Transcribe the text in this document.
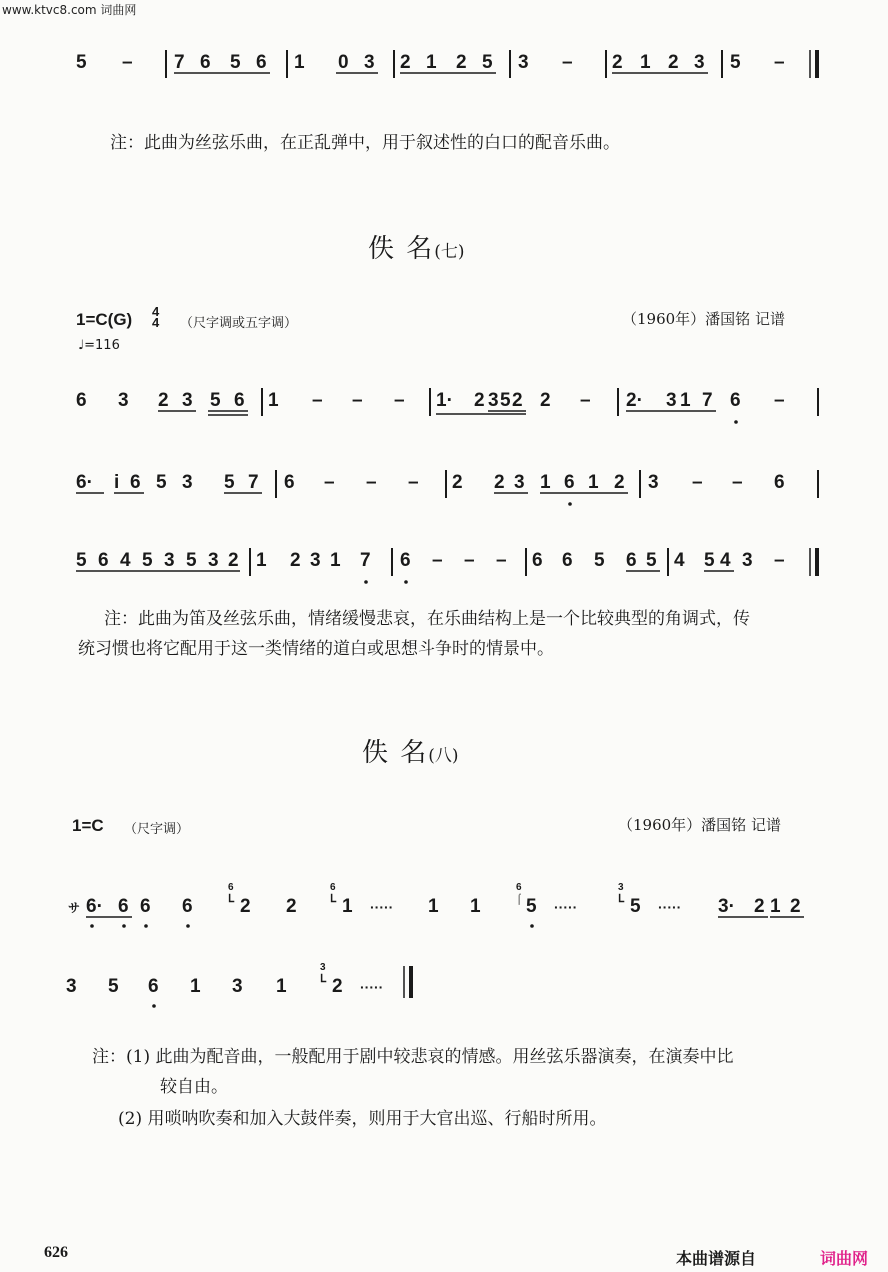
www.ktvc8.com 词曲网
5 – 7 6 5 6 1 0 3 2 1 2 5 3 – 2 1 2 3 5 –
注：此曲为丝弦乐曲，在正乱弹中，用于叙述性的白口的配音乐曲。
佚 名(七)
1=C(G) 4
4 （尺字调或五字调）	（1960年）潘国铭 记谱
♩=116
6 3 2 3 5 6 1 – – – 1· 2 3 5 2 2 – 2· 3 1 7 6 –
6· i 6 5 3 5 7 6 – – – 2 2 3 1 6 1 2 3 – – 6
5 6 4 5 3 5 3 2 1 2 3 1 7 6 – – – 6 6 5 6 5 4 5 4 3 –
注：此曲为笛及丝弦乐曲，情绪缓慢悲哀，在乐曲结构上是一个比较典型的角调式，传
统习惯也将它配用于这一类情绪的道白或思想斗争时的情景中。
佚 名(八)
1=C （尺字调）	（1960年）潘国铭 记谱
サ 6· 6 6 6
6
ᒪ 2 2
6
ᒪ 1 ····· 1 1
6
⌠ 5 ·····
3
ᒪ 5 ····· 3· 2 1 2
3 5 6 1 3 1
3
ᒪ 2 ·····
注：(1) 此曲为配音曲，一般配用于剧中较悲哀的情感。用丝弦乐器演奏，在演奏中比
较自由。
(2) 用唢呐吹奏和加入大鼓伴奏，则用于大官出巡、行船时所用。
626	本曲谱源自	词曲网
